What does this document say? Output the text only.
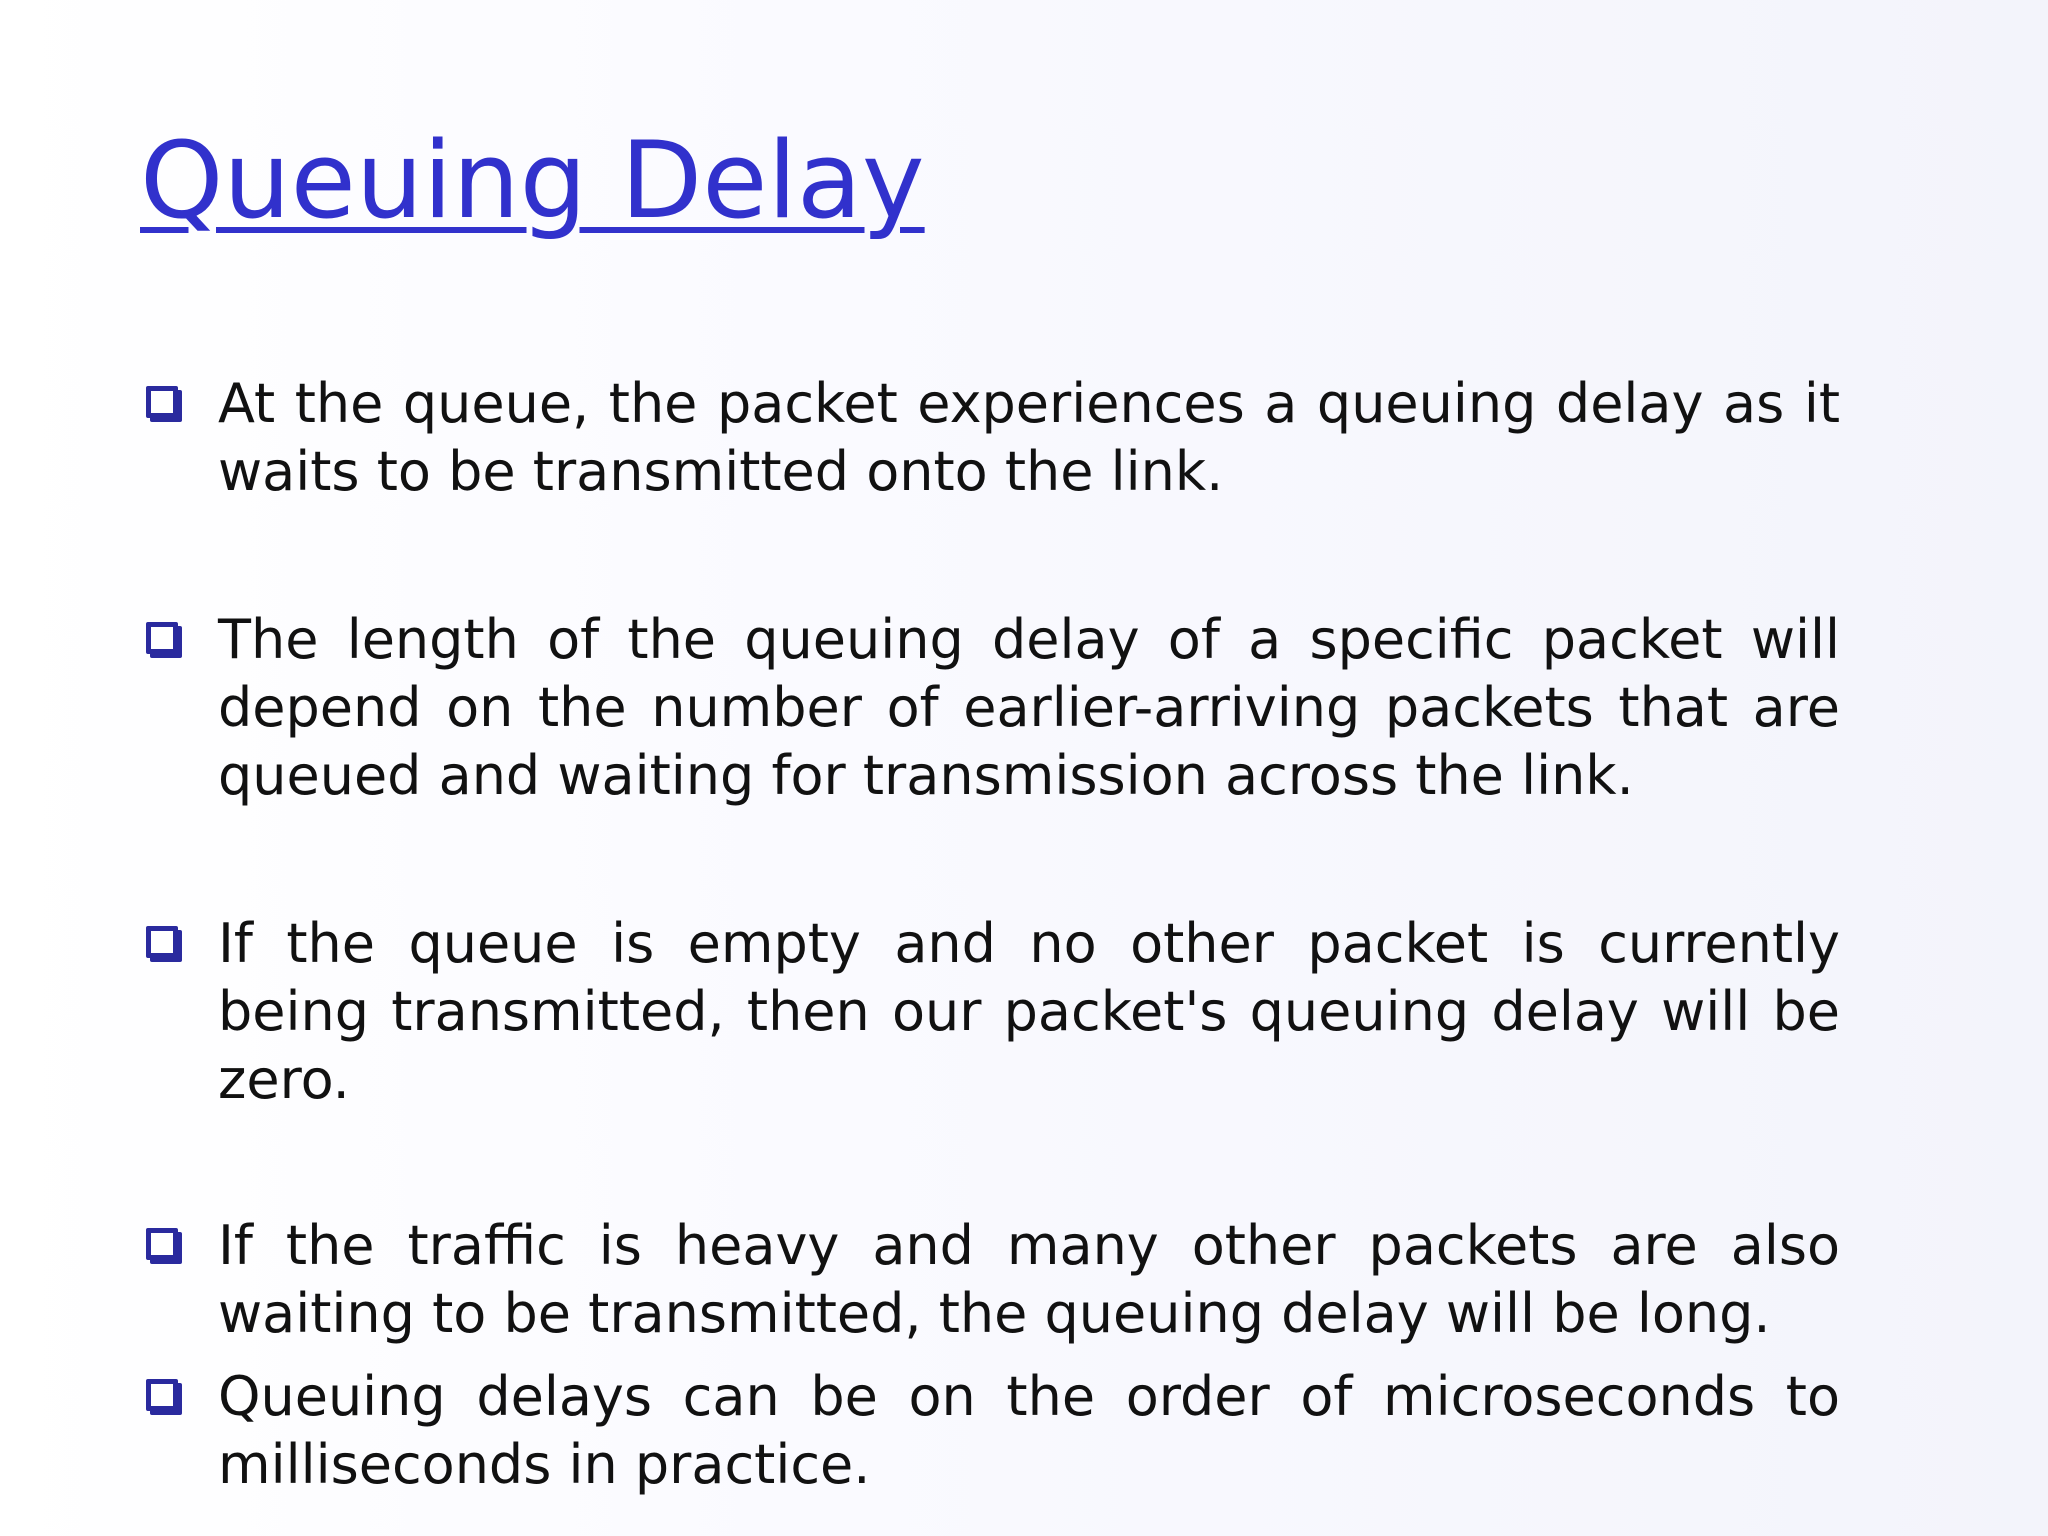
Queuing Delay
At the queue, the packet experiences a queuing delay as it waits to be transmitted onto the link.
The length of the queuing delay of a specific packet will depend on the number of earlier-arriving packets that are queued and waiting for transmission across the link.
If the queue is empty and no other packet is currently being transmitted, then our packet's queuing delay will be zero.
If the traffic is heavy and many other packets are also waiting to be transmitted, the queuing delay will be long.
Queuing delays can be on the order of microseconds to milliseconds in practice.
